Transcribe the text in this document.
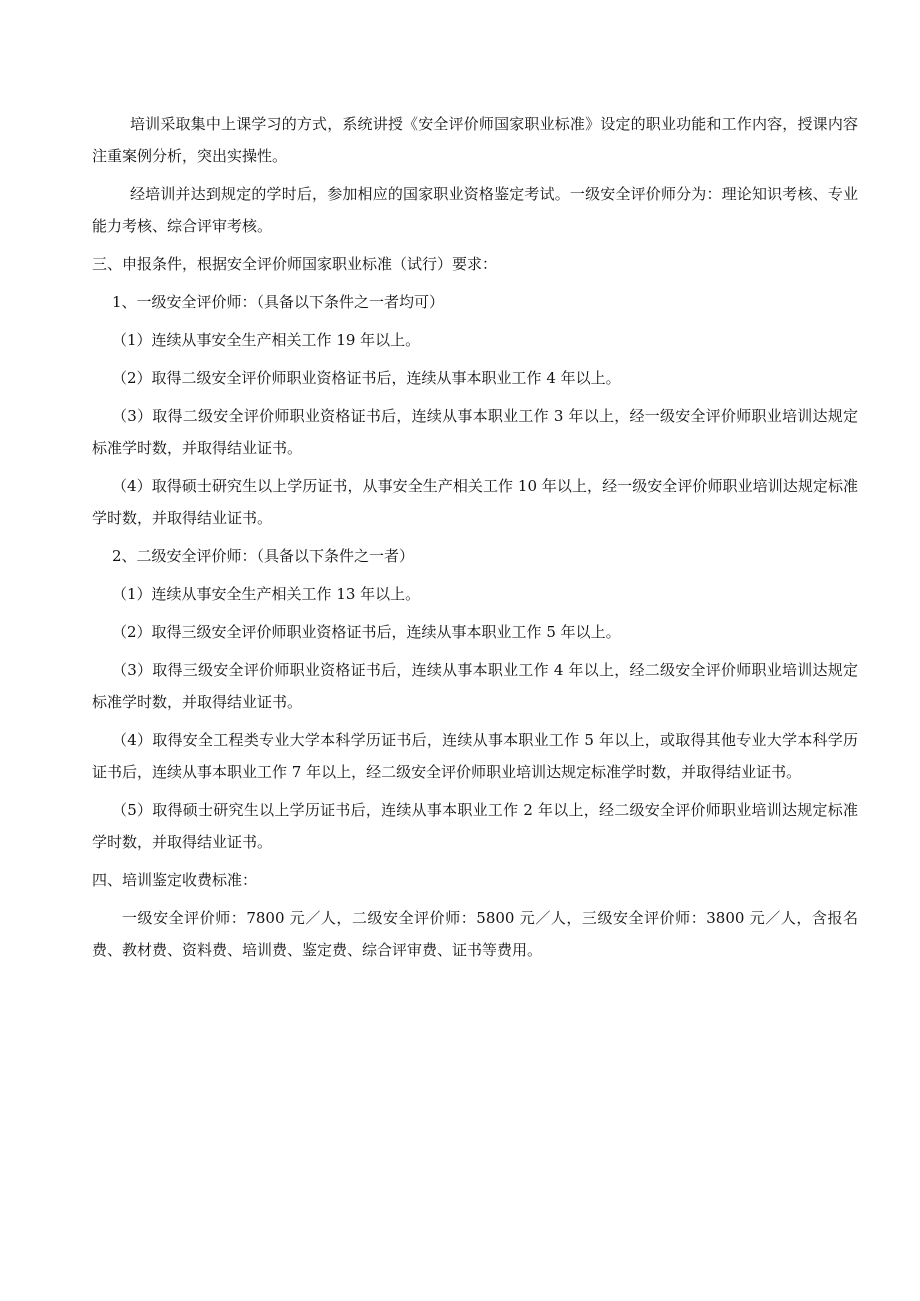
培训采取集中上课学习的方式，系统讲授《安全评价师国家职业标准》设定的职业功能和工作内容，授课内容注重案例分析，突出实操性。

经培训并达到规定的学时后，参加相应的国家职业资格鉴定考试。一级安全评价师分为：理论知识考核、专业能力考核、综合评审考核。

三、申报条件，根据安全评价师国家职业标准（试行）要求：

1、一级安全评价师：（具备以下条件之一者均可）

（1）连续从事安全生产相关工作 19 年以上。

（2）取得二级安全评价师职业资格证书后，连续从事本职业工作 4 年以上。

（3）取得二级安全评价师职业资格证书后，连续从事本职业工作 3 年以上，经一级安全评价师职业培训达规定标准学时数，并取得结业证书。

（4）取得硕士研究生以上学历证书，从事安全生产相关工作 10 年以上，经一级安全评价师职业培训达规定标准学时数，并取得结业证书。

2、二级安全评价师：（具备以下条件之一者）

（1）连续从事安全生产相关工作 13 年以上。

（2）取得三级安全评价师职业资格证书后，连续从事本职业工作 5 年以上。

（3）取得三级安全评价师职业资格证书后，连续从事本职业工作 4 年以上，经二级安全评价师职业培训达规定标准学时数，并取得结业证书。

（4）取得安全工程类专业大学本科学历证书后，连续从事本职业工作 5 年以上，或取得其他专业大学本科学历证书后，连续从事本职业工作 7 年以上，经二级安全评价师职业培训达规定标准学时数，并取得结业证书。

（5）取得硕士研究生以上学历证书后，连续从事本职业工作 2 年以上，经二级安全评价师职业培训达规定标准学时数，并取得结业证书。

四、培训鉴定收费标准：

一级安全评价师：7800 元／人，二级安全评价师：5800 元／人，三级安全评价师：3800 元／人，含报名费、教材费、资料费、培训费、鉴定费、综合评审费、证书等费用。
